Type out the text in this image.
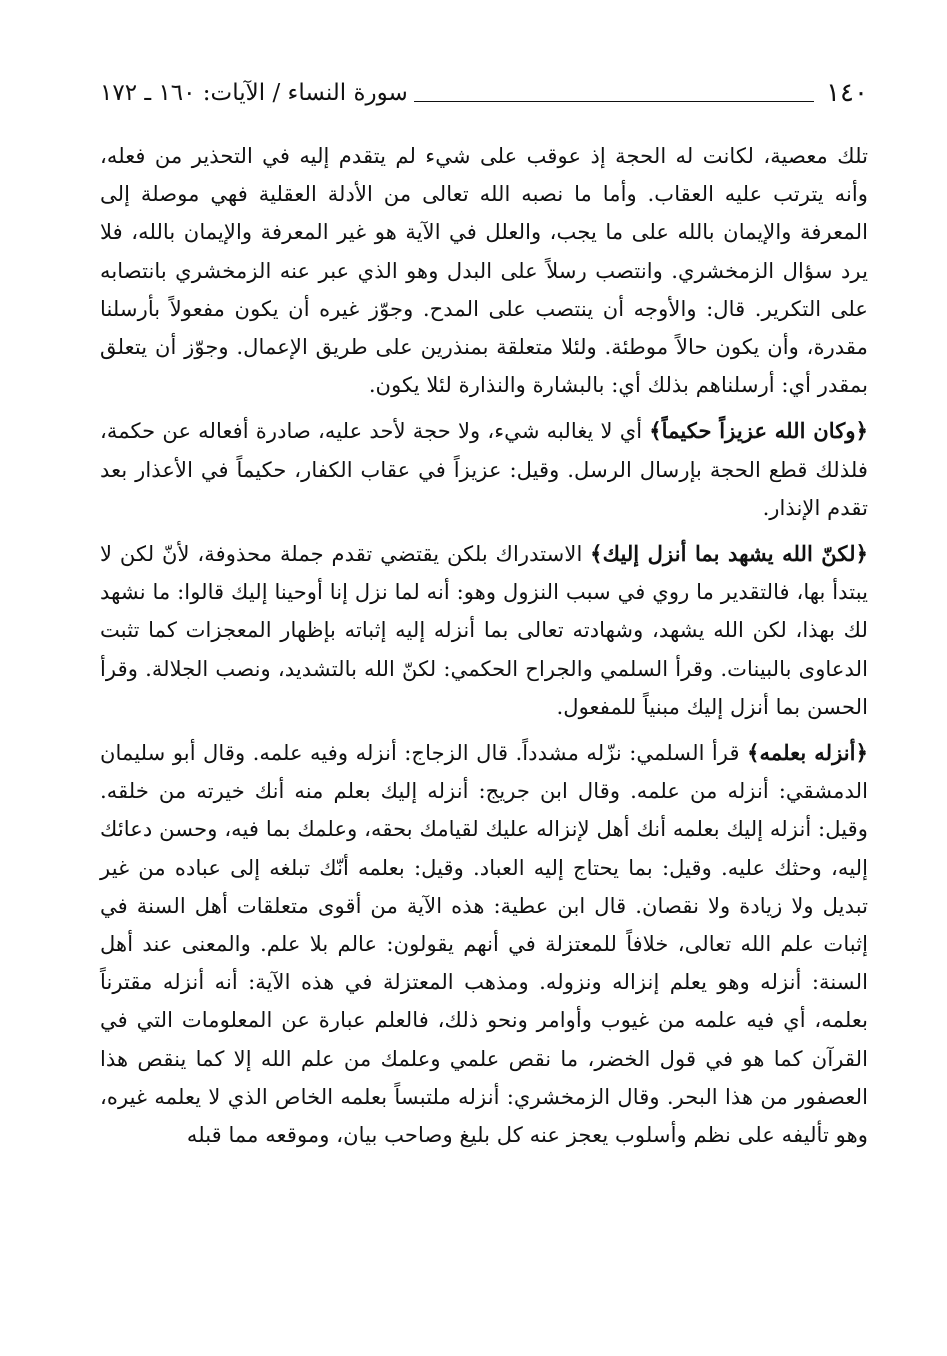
١٤٠
سورة النساء / الآيات: ١٦٠ ـ ١٧٢

تلك معصية، لكانت له الحجة إذ عوقب على شيء لم يتقدم إليه في التحذير من فعله، وأنه يترتب عليه العقاب. وأما ما نصبه الله تعالى من الأدلة العقلية فهي موصلة إلى المعرفة والإيمان بالله على ما يجب، والعلل في الآية هو غير المعرفة والإيمان بالله، فلا يرد سؤال الزمخشري. وانتصب رسلاً على البدل وهو الذي عبر عنه الزمخشري بانتصابه على التكرير. قال: والأوجه أن ينتصب على المدح. وجوّز غيره أن يكون مفعولاً بأرسلنا مقدرة، وأن يكون حالاً موطئة. ولئلا متعلقة بمنذرين على طريق الإعمال. وجوّز أن يتعلق بمقدر أي: أرسلناهم بذلك أي: بالبشارة والنذارة لئلا يكون.

﴿وكان الله عزيزاً حكيماً﴾ أي لا يغالبه شيء، ولا حجة لأحد عليه، صادرة أفعاله عن حكمة، فلذلك قطع الحجة بإرسال الرسل. وقيل: عزيزاً في عقاب الكفار، حكيماً في الأعذار بعد تقدم الإنذار.

﴿لكنّ الله يشهد بما أنزل إليك﴾ الاستدراك بلكن يقتضي تقدم جملة محذوفة، لأنّ لكن لا يبتدأ بها، فالتقدير ما روي في سبب النزول وهو: أنه لما نزل إنا أوحينا إليك قالوا: ما نشهد لك بهذا، لكن الله يشهد، وشهادته تعالى بما أنزله إليه إثباته بإظهار المعجزات كما تثبت الدعاوى بالبينات. وقرأ السلمي والجراح الحكمي: لكنّ الله بالتشديد، ونصب الجلالة. وقرأ الحسن بما أنزل إليك مبنياً للمفعول.

﴿أنزله بعلمه﴾ قرأ السلمي: نزّله مشدداً. قال الزجاج: أنزله وفيه علمه. وقال أبو سليمان الدمشقي: أنزله من علمه. وقال ابن جريج: أنزله إليك بعلم منه أنك خيرته من خلقه. وقيل: أنزله إليك بعلمه أنك أهل لإنزاله عليك لقيامك بحقه، وعلمك بما فيه، وحسن دعائك إليه، وحثك عليه. وقيل: بما يحتاج إليه العباد. وقيل: بعلمه أنّك تبلغه إلى عباده من غير تبديل ولا زيادة ولا نقصان. قال ابن عطية: هذه الآية من أقوى متعلقات أهل السنة في إثبات علم الله تعالى، خلافاً للمعتزلة في أنهم يقولون: عالم بلا علم. والمعنى عند أهل السنة: أنزله وهو يعلم إنزاله ونزوله. ومذهب المعتزلة في هذه الآية: أنه أنزله مقترناً بعلمه، أي فيه علمه من غيوب وأوامر ونحو ذلك، فالعلم عبارة عن المعلومات التي في القرآن كما هو في قول الخضر، ما نقص علمي وعلمك من علم الله إلا كما ينقص هذا العصفور من هذا البحر. وقال الزمخشري: أنزله ملتبساً بعلمه الخاص الذي لا يعلمه غيره، وهو تأليفه على نظم وأسلوب يعجز عنه كل بليغ وصاحب بيان، وموقعه مما قبله
